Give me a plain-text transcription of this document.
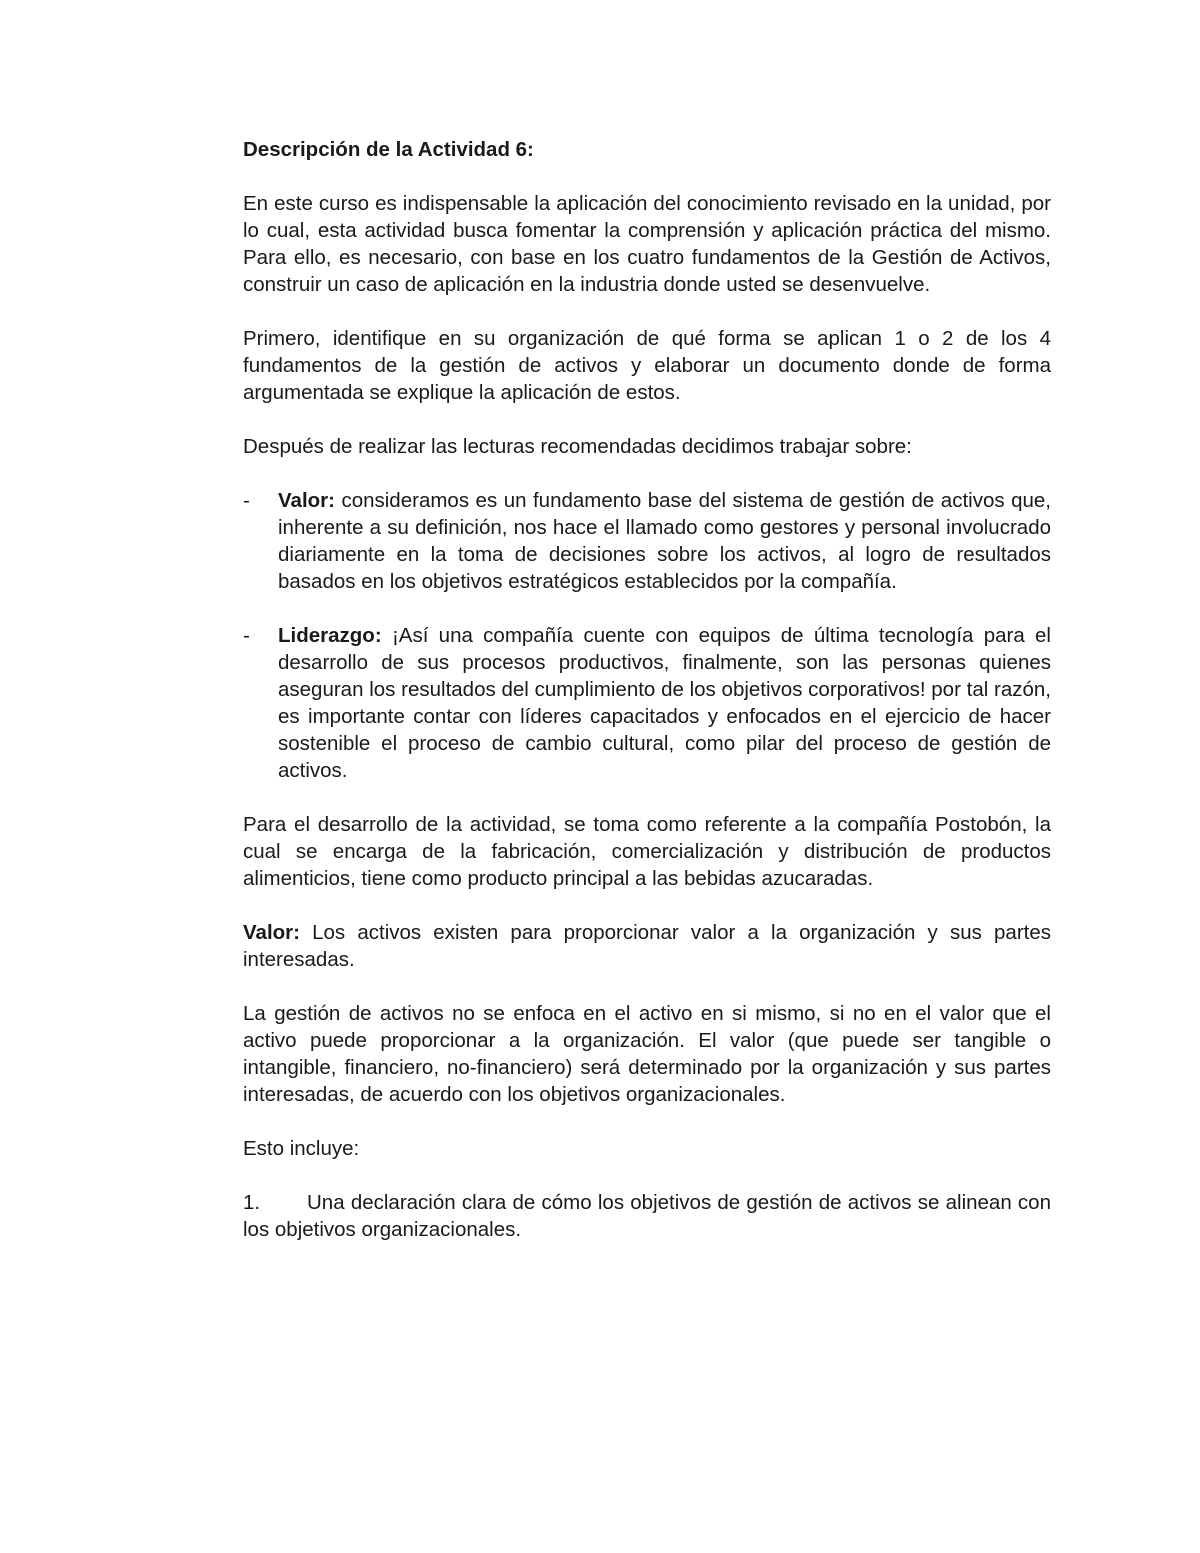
Descripción de la Actividad 6:

En este curso es indispensable la aplicación del conocimiento revisado en la unidad, por lo cual, esta actividad busca fomentar la comprensión y aplicación práctica del mismo. Para ello, es necesario, con base en los cuatro fundamentos de la Gestión de Activos, construir un caso de aplicación en la industria donde usted se desenvuelve.

Primero, identifique en su organización de qué forma se aplican 1 o 2 de los 4 fundamentos de la gestión de activos y elaborar un documento donde de forma argumentada se explique la aplicación de estos.

Después de realizar las lecturas recomendadas decidimos trabajar sobre:

- Valor: consideramos es un fundamento base del sistema de gestión de activos que, inherente a su definición, nos hace el llamado como gestores y personal involucrado diariamente en la toma de decisiones sobre los activos, al logro de resultados basados en los objetivos estratégicos establecidos por la compañía.
- Liderazgo: ¡Así una compañía cuente con equipos de última tecnología para el desarrollo de sus procesos productivos, finalmente, son las personas quienes aseguran los resultados del cumplimiento de los objetivos corporativos! por tal razón, es importante contar con líderes capacitados y enfocados en el ejercicio de hacer sostenible el proceso de cambio cultural, como pilar del proceso de gestión de activos.

Para el desarrollo de la actividad, se toma como referente a la compañía Postobón, la cual se encarga de la fabricación, comercialización y distribución de productos alimenticios, tiene como producto principal a las bebidas azucaradas.

Valor: Los activos existen para proporcionar valor a la organización y sus partes interesadas.

La gestión de activos no se enfoca en el activo en si mismo, si no en el valor que el activo puede proporcionar a la organización. El valor (que puede ser tangible o intangible, financiero, no-financiero) será determinado por la organización y sus partes interesadas, de acuerdo con los objetivos organizacionales.

Esto incluye:

1. Una declaración clara de cómo los objetivos de gestión de activos se alinean con los objetivos organizacionales.
